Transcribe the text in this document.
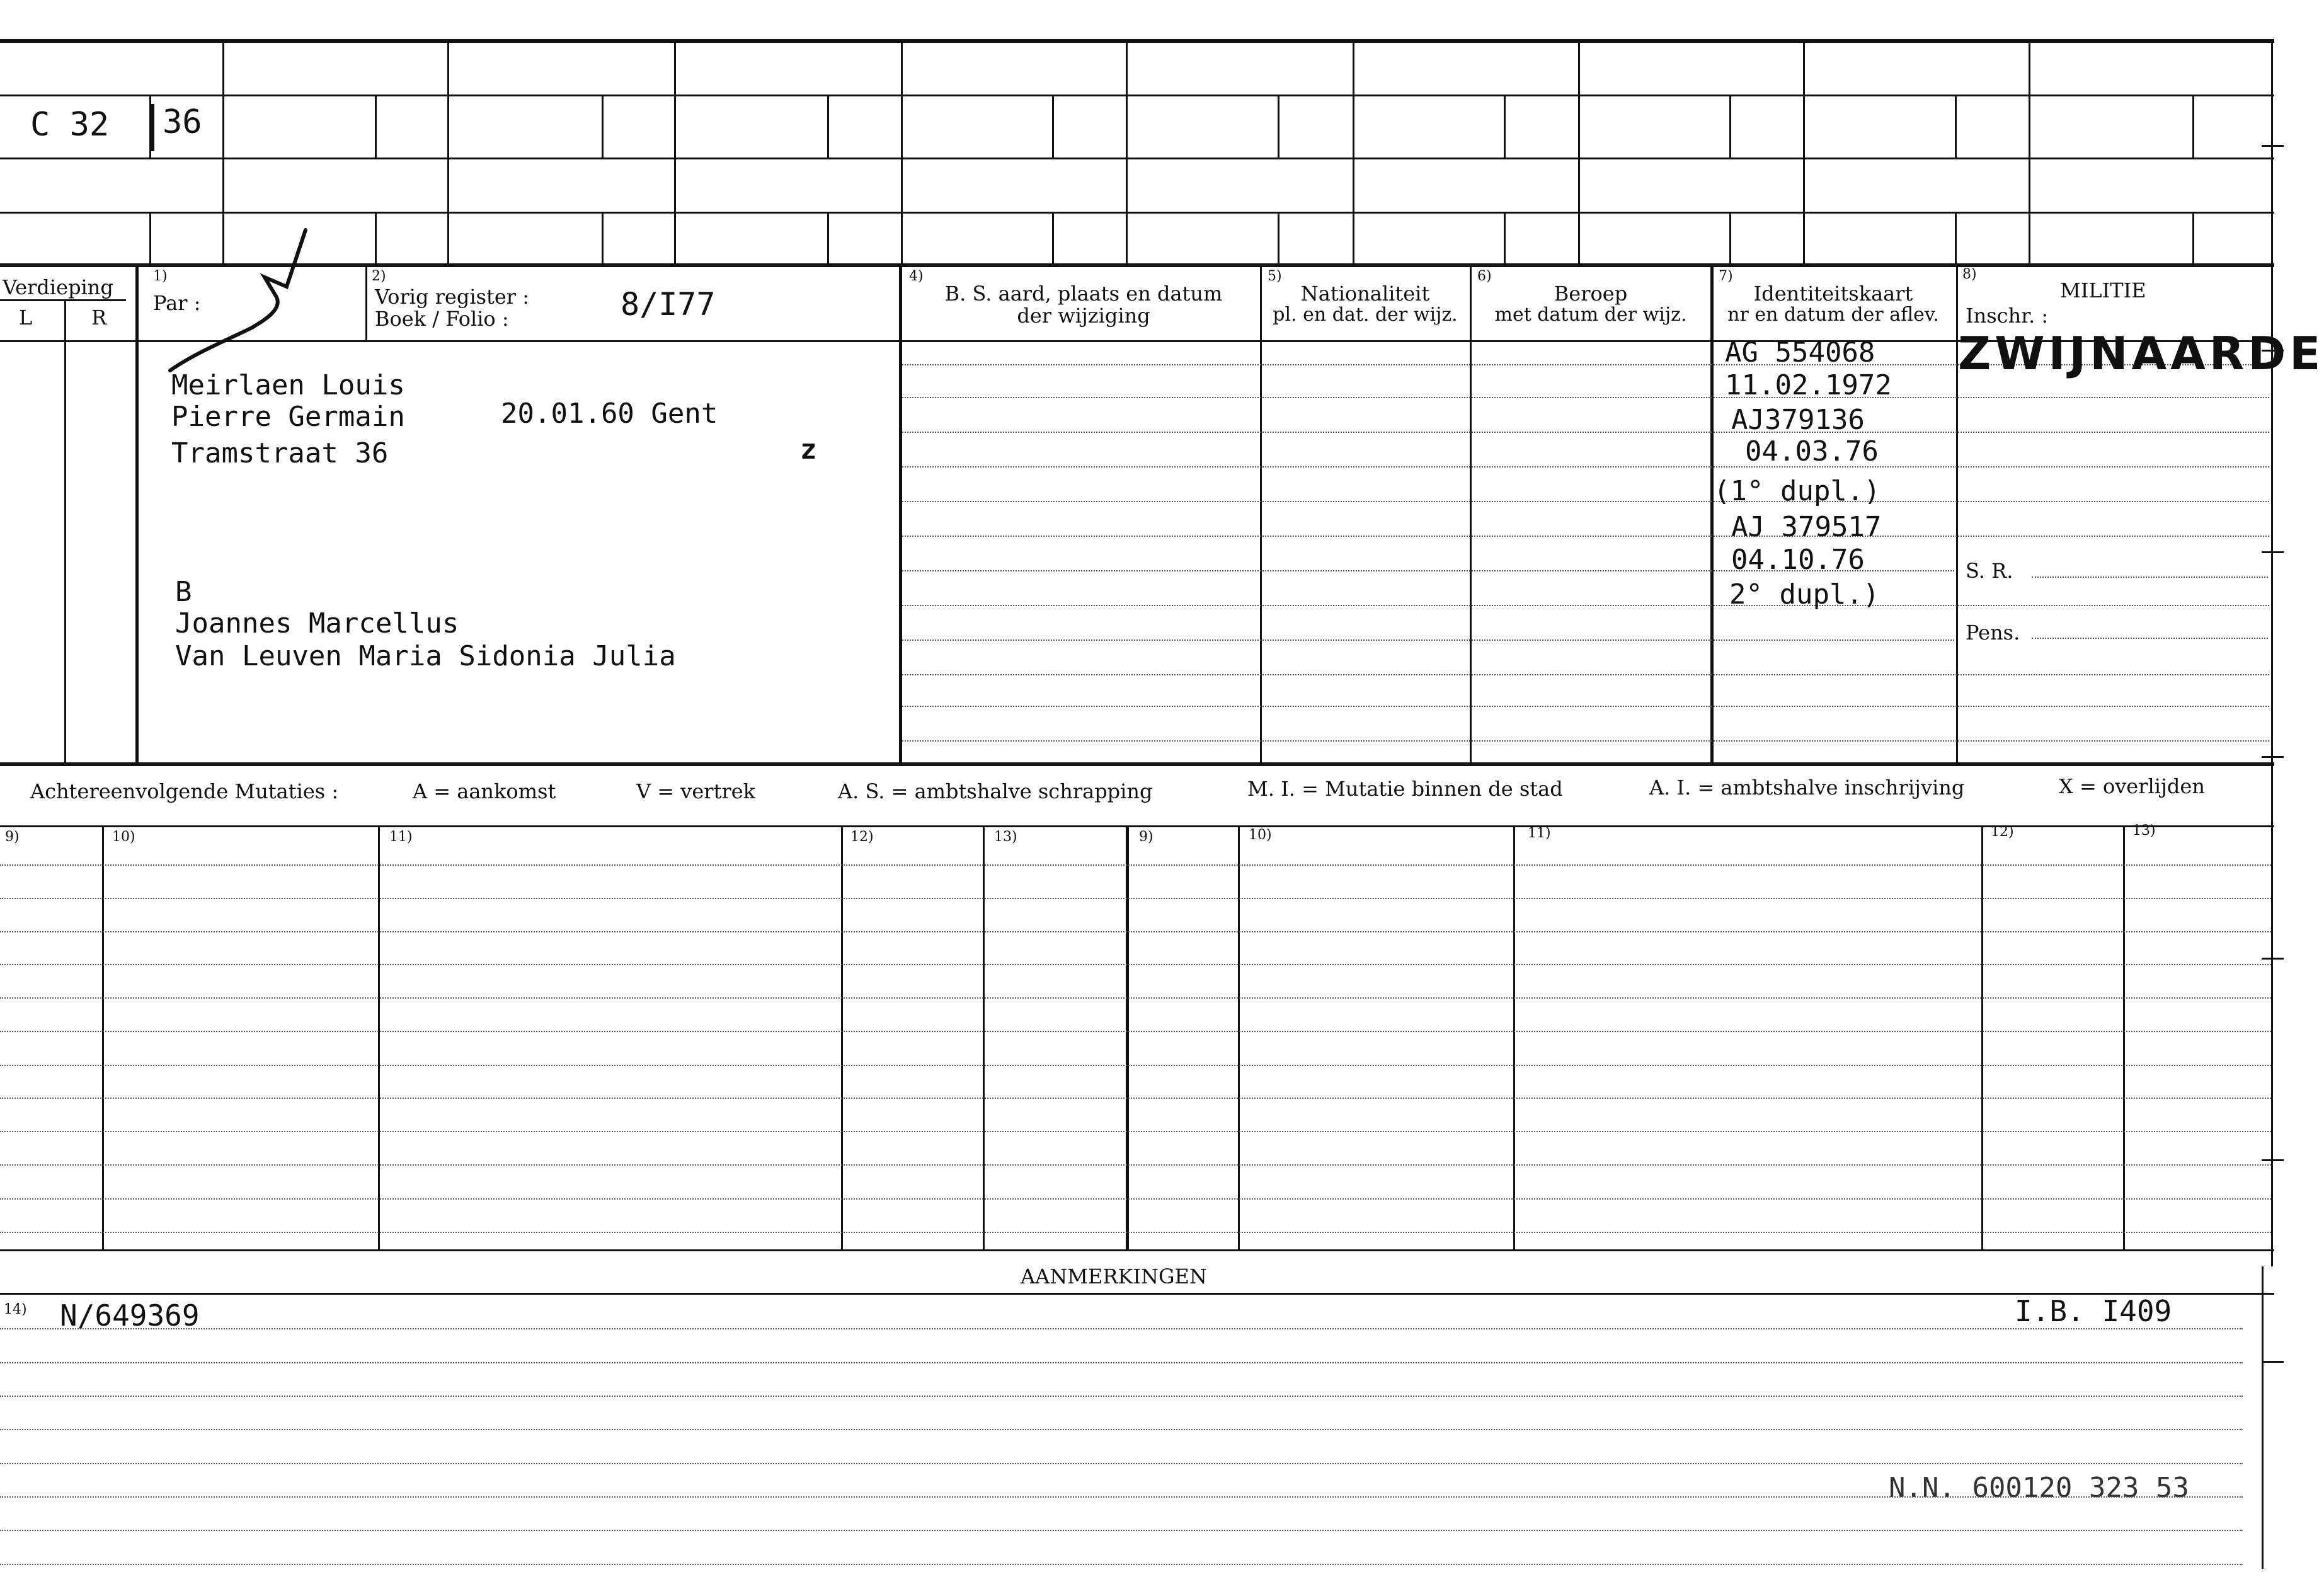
C 32 36
Verdieping
L	R
1)
Par :
2)
Vorig register :
Boek / Folio :	8/I77
4)
B. S. aard, plaats en datum
der wijziging
5)
Nationaliteit
pl. en dat. der wijz.
6)
Beroep
met datum der wijz.
7)
Identiteitskaart
nr en datum der aflev.
8)
MILITIE
Inschr. :
S. R.
Pens.
Meirlaen Louis
Pierre Germain	20.01.60 Gent
Tramstraat 36	z
B
Joannes Marcellus
Van Leuven Maria Sidonia Julia
ZWIJNAARDE
AG 554068
11.02.1972
AJ379136
04.03.76
(1° dupl.)
AJ 379517
04.10.76
2° dupl.)
Achtereenvolgende Mutaties :	A = aankomst	V = vertrek	A. S. = ambtshalve schrapping	M. I. = Mutatie binnen de stad	A. I. = ambtshalve inschrijving	X = overlijden
9)	10)	11)	12)	13)	9)	10)	11)	12)	13)
AANMERKINGEN
14) N/649369	I.B. I409
N.N. 600120 323 53
